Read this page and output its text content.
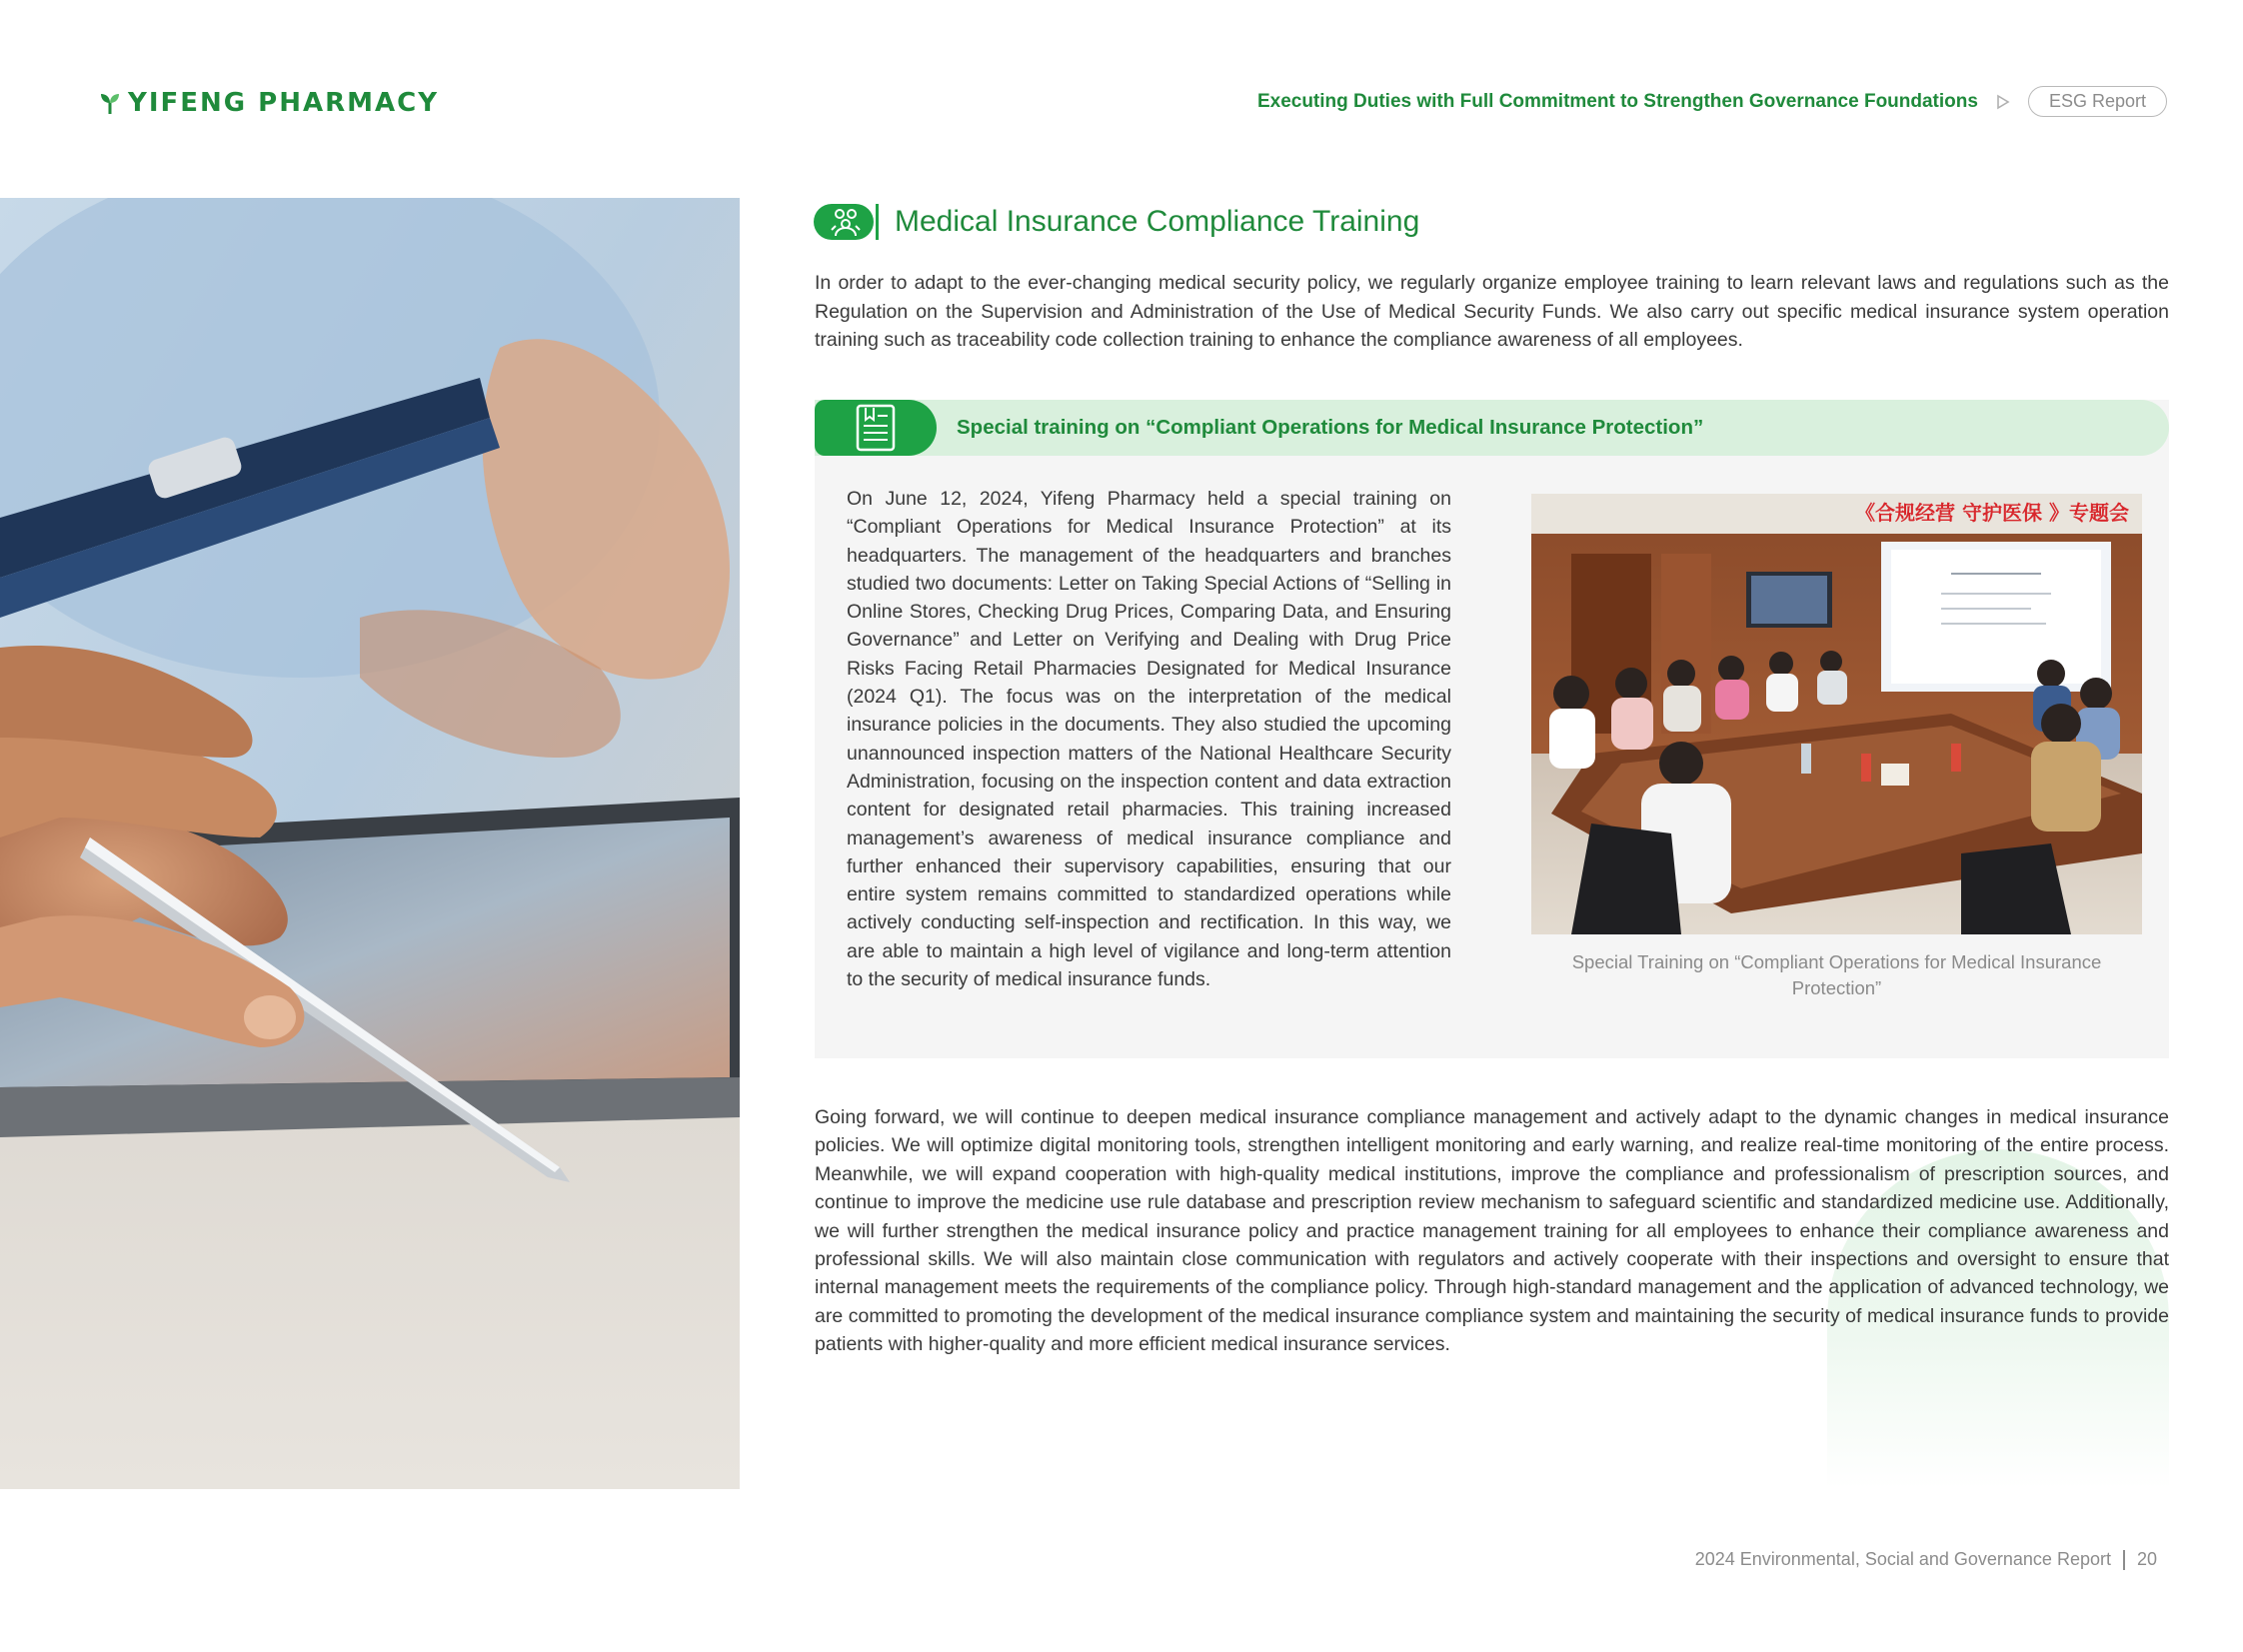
YIFENG PHARMACY	Executing Duties with Full Commitment to Strengthen Governance Foundations	ESG Report
Medical Insurance Compliance Training

In order to adapt to the ever-changing medical security policy, we regularly organize employee training to learn relevant laws and regulations such as the Regulation on the Supervision and Administration of the Use of Medical Security Funds. We also carry out specific medical insurance system operation training such as traceability code collection training to enhance the compliance awareness of all employees.

Special training on “Compliant Operations for Medical Insurance Protection”

On June 12, 2024, Yifeng Pharmacy held a special training on “Compliant Operations for Medical Insurance Protection” at its headquarters. The management of the headquarters and branches studied two documents: Letter on Taking Special Actions of “Selling in Online Stores, Checking Drug Prices, Comparing Data, and Ensuring Governance” and Letter on Verifying and Dealing with Drug Price Risks Facing Retail Pharmacies Designated for Medical Insurance (2024 Q1). The focus was on the interpretation of the medical insurance policies in the documents. They also studied the upcoming unannounced inspection matters of the National Healthcare Security Administration, focusing on the inspection content and data extraction content for designated retail pharmacies. This training increased management’s awareness of medical insurance compliance and further enhanced their supervisory capabilities, ensuring that our entire system remains committed to standardized operations while actively conducting self-inspection and rectification. In this way, we are able to maintain a high level of vigilance and long-term attention to the security of medical insurance funds.

《合规经营 守护医保 》专题会
Special Training on “Compliant Operations for Medical Insurance Protection”

Going forward, we will continue to deepen medical insurance compliance management and actively adapt to the dynamic changes in medical insurance policies. We will optimize digital monitoring tools, strengthen intelligent monitoring and early warning, and realize real-time monitoring of the entire process. Meanwhile, we will expand cooperation with high-quality medical institutions, improve the compliance and professionalism of prescription sources, and continue to improve the medicine use rule database and prescription review mechanism to safeguard scientific and standardized medicine use. Additionally, we will further strengthen the medical insurance policy and practice management training for all employees to enhance their compliance awareness and professional skills. We will also maintain close communication with regulators and actively cooperate with their inspections and oversight to ensure that internal management meets the requirements of the compliance policy. Through high-standard management and the application of advanced technology, we are committed to promoting the development of the medical insurance compliance system and maintaining the security of medical insurance funds to provide patients with higher-quality and more efficient medical insurance services.

2024 Environmental, Social and Governance Report 20
